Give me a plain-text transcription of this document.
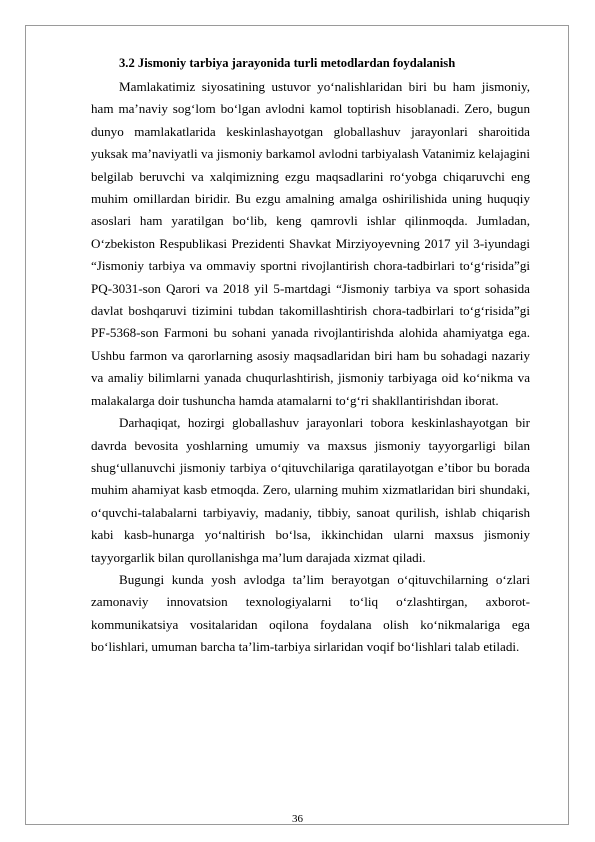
3.2 Jismoniy tarbiya jarayonida turli metodlardan foydalanish

Mamlakatimiz siyosatining ustuvor yo‘nalishlaridan biri bu ham jismoniy, ham ma’naviy sog‘lom bo‘lgan avlodni kamol toptirish hisoblanadi. Zero, bugun dunyo mamlakatlarida keskinlashayotgan globallashuv jarayonlari sharoitida yuksak ma’naviyatli va jismoniy barkamol avlodni tarbiyalash Vatanimiz kelajagini belgilab beruvchi va xalqimizning ezgu maqsadlarini ro‘yobga chiqaruvchi eng muhim omillardan biridir. Bu ezgu amalning amalga oshirilishida uning huquqiy asoslari ham yaratilgan bo‘lib, keng qamrovli ishlar qilinmoqda. Jumladan, O‘zbekiston Respublikasi Prezidenti Shavkat Mirziyoyevning 2017 yil 3-iyundagi “Jismoniy tarbiya va ommaviy sportni rivojlantirish chora-tadbirlari to‘g‘risida”gi PQ-3031-son Qarori va 2018 yil 5-martdagi “Jismoniy tarbiya va sport sohasida davlat boshqaruvi tizimini tubdan takomillashtirish chora-tadbirlari to‘g‘risida”gi PF-5368-son Farmoni bu sohani yanada rivojlantirishda alohida ahamiyatga ega. Ushbu farmon va qarorlarning asosiy maqsadlaridan biri ham bu sohadagi nazariy va amaliy bilimlarni yanada chuqurlashtirish, jismoniy tarbiyaga oid ko‘nikma va malakalarga doir tushuncha hamda atamalarni to‘g‘ri shakllantirishdan iborat.

Darhaqiqat, hozirgi globallashuv jarayonlari tobora keskinlashayotgan bir davrda bevosita yoshlarning umumiy va maxsus jismoniy tayyorgarligi bilan shug‘ullanuvchi jismoniy tarbiya o‘qituvchilariga qaratilayotgan e’tibor bu borada muhim ahamiyat kasb etmoqda. Zero, ularning muhim xizmatlaridan biri shundaki, o‘quvchi-talabalarni tarbiyaviy, madaniy, tibbiy, sanoat qurilish, ishlab chiqarish kabi kasb-hunarga yo‘naltirish bo‘lsa, ikkinchidan ularni maxsus jismoniy tayyorgarlik bilan qurollanishga ma’lum darajada xizmat qiladi.

Bugungi kunda yosh avlodga ta’lim berayotgan o‘qituvchilarning o‘zlari zamonaviy innovatsion texnologiyalarni to‘liq o‘zlashtirgan, axborot-kommunikatsiya vositalaridan oqilona foydalana olish ko‘nikmalariga ega bo‘lishlari, umuman barcha ta’lim-tarbiya sirlaridan voqif bo‘lishlari talab etiladi.

36
